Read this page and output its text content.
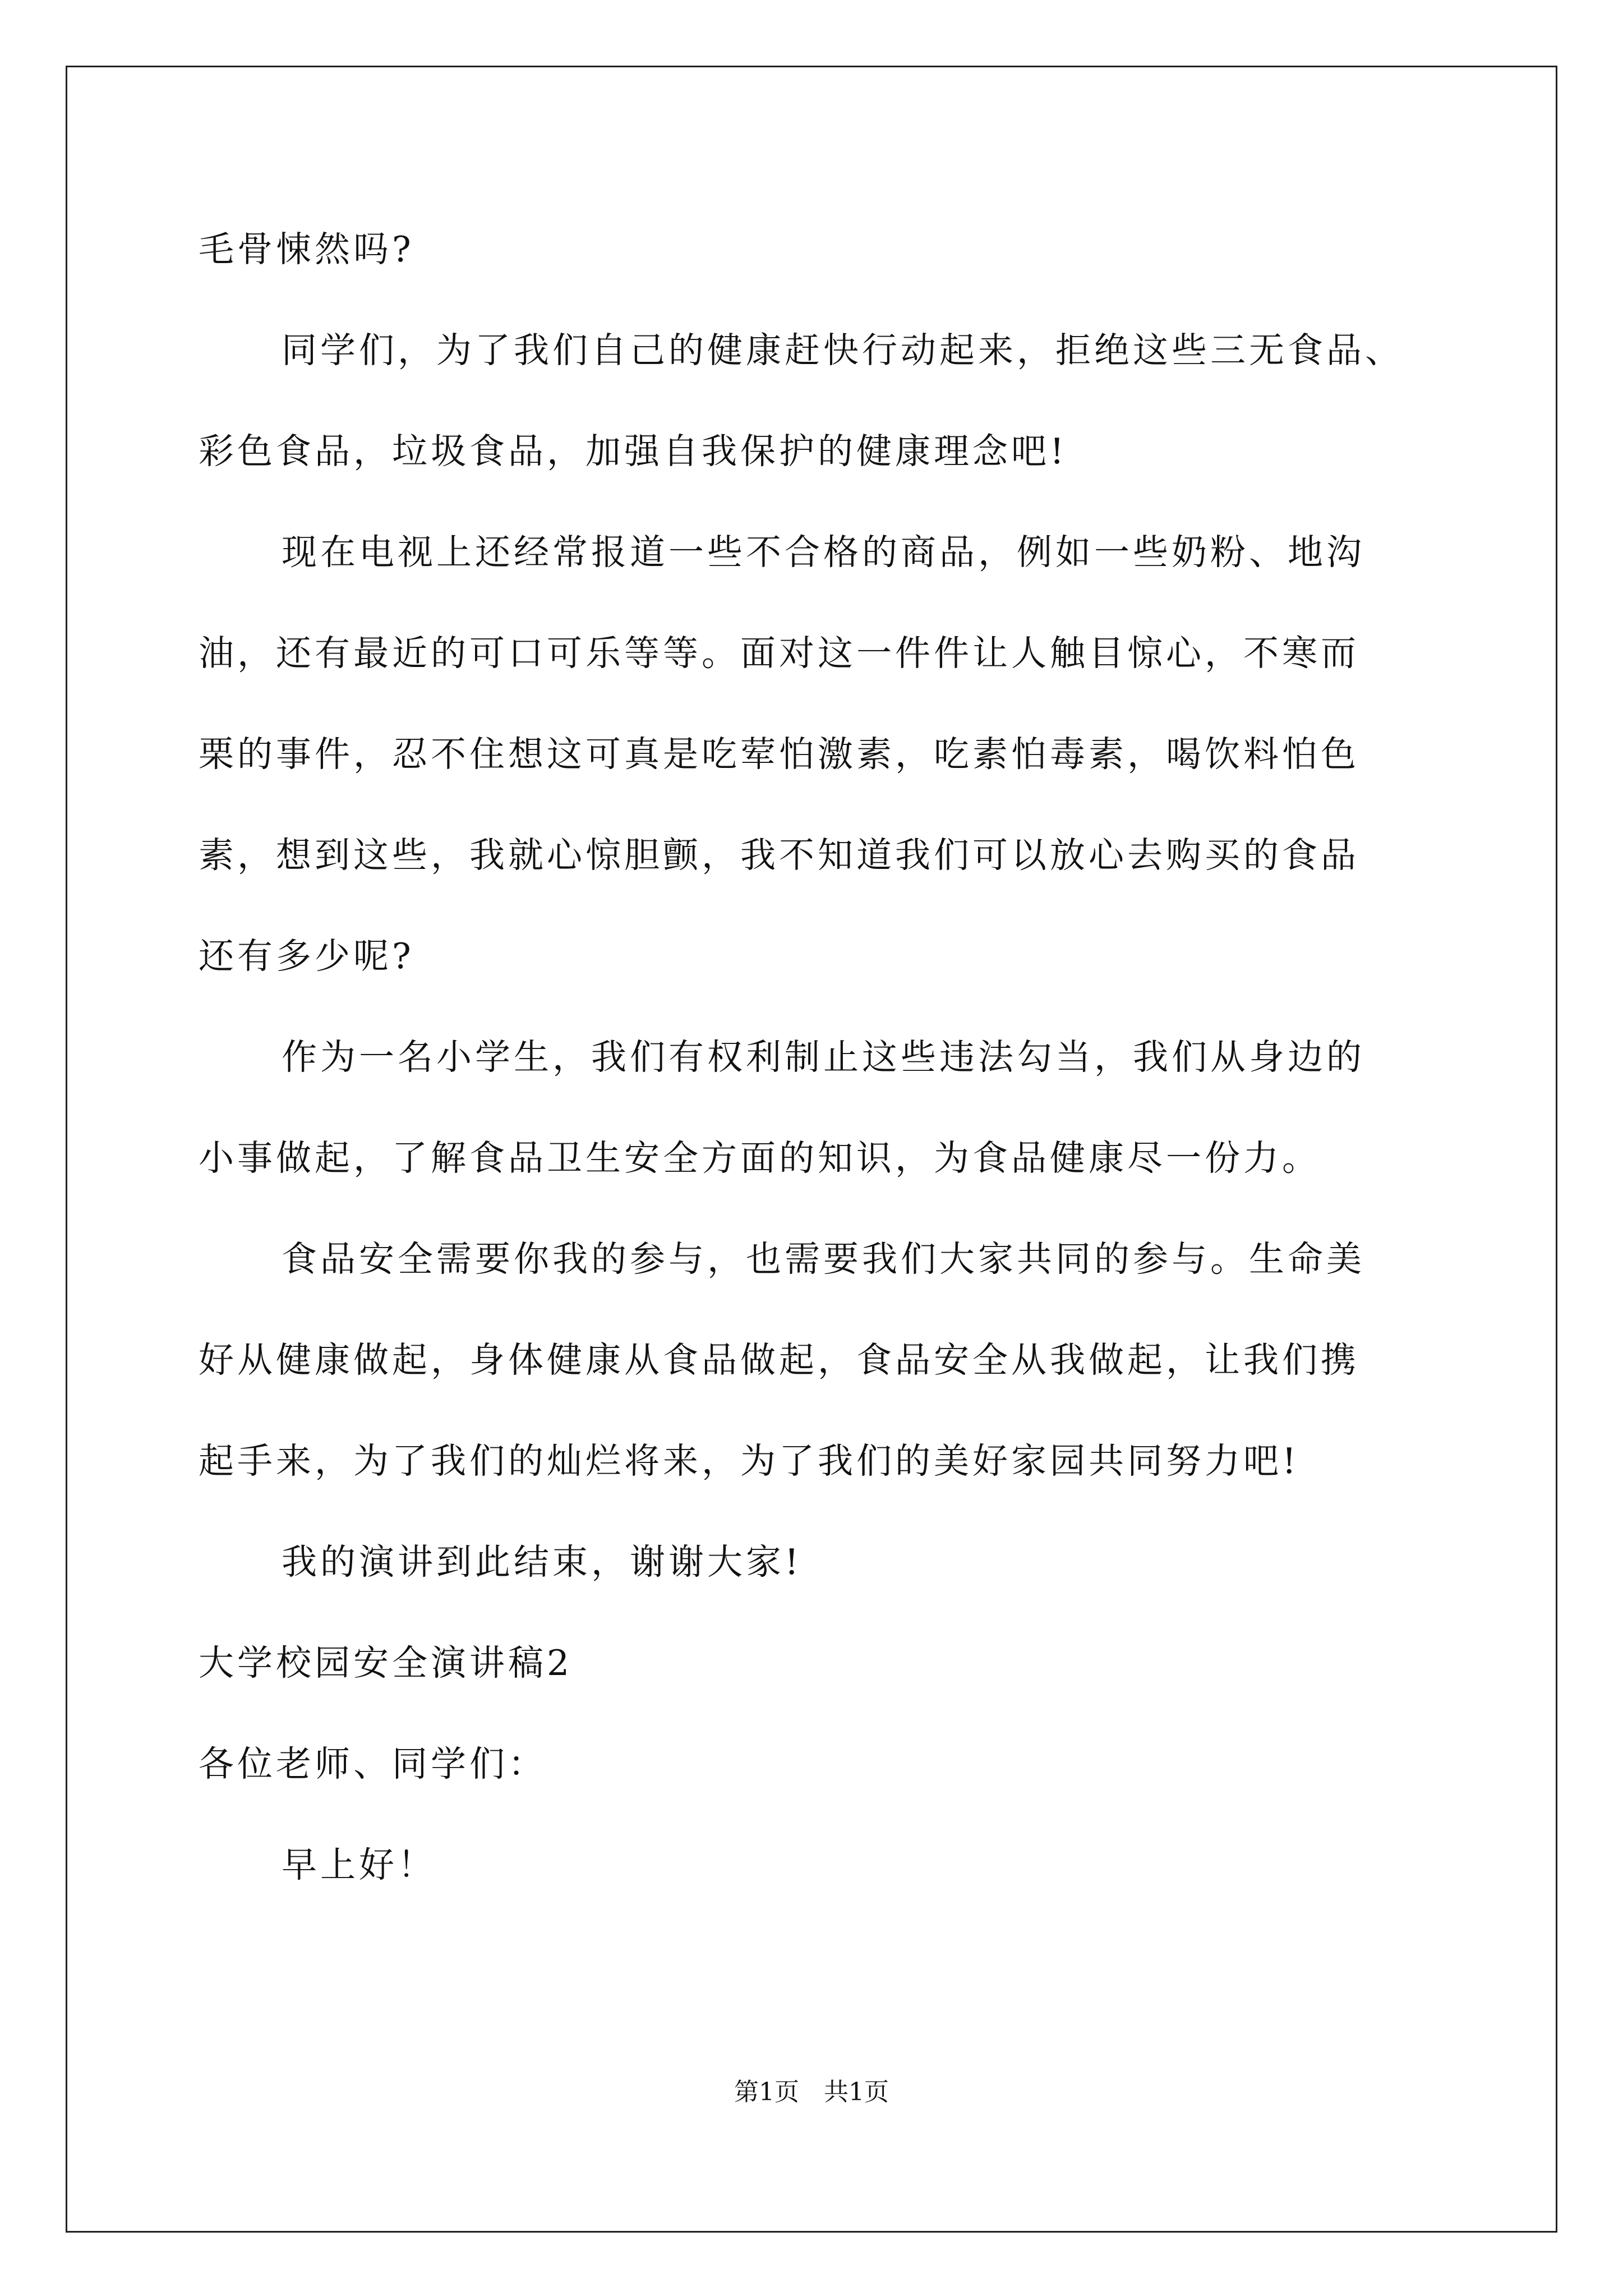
毛骨悚然吗?
同学们，为了我们自己的健康赶快行动起来，拒绝这些三无食品、
彩色食品，垃圾食品，加强自我保护的健康理念吧!
现在电视上还经常报道一些不合格的商品，例如一些奶粉、地沟
油，还有最近的可口可乐等等。面对这一件件让人触目惊心，不寒而
栗的事件，忍不住想这可真是吃荤怕激素，吃素怕毒素，喝饮料怕色
素，想到这些，我就心惊胆颤，我不知道我们可以放心去购买的食品
还有多少呢?
作为一名小学生，我们有权利制止这些违法勾当，我们从身边的
小事做起，了解食品卫生安全方面的知识，为食品健康尽一份力。
食品安全需要你我的参与，也需要我们大家共同的参与。生命美
好从健康做起，身体健康从食品做起，食品安全从我做起，让我们携
起手来，为了我们的灿烂将来，为了我们的美好家园共同努力吧!
我的演讲到此结束，谢谢大家!
大学校园安全演讲稿2
各位老师、同学们：
早上好！
第1页　共1页
